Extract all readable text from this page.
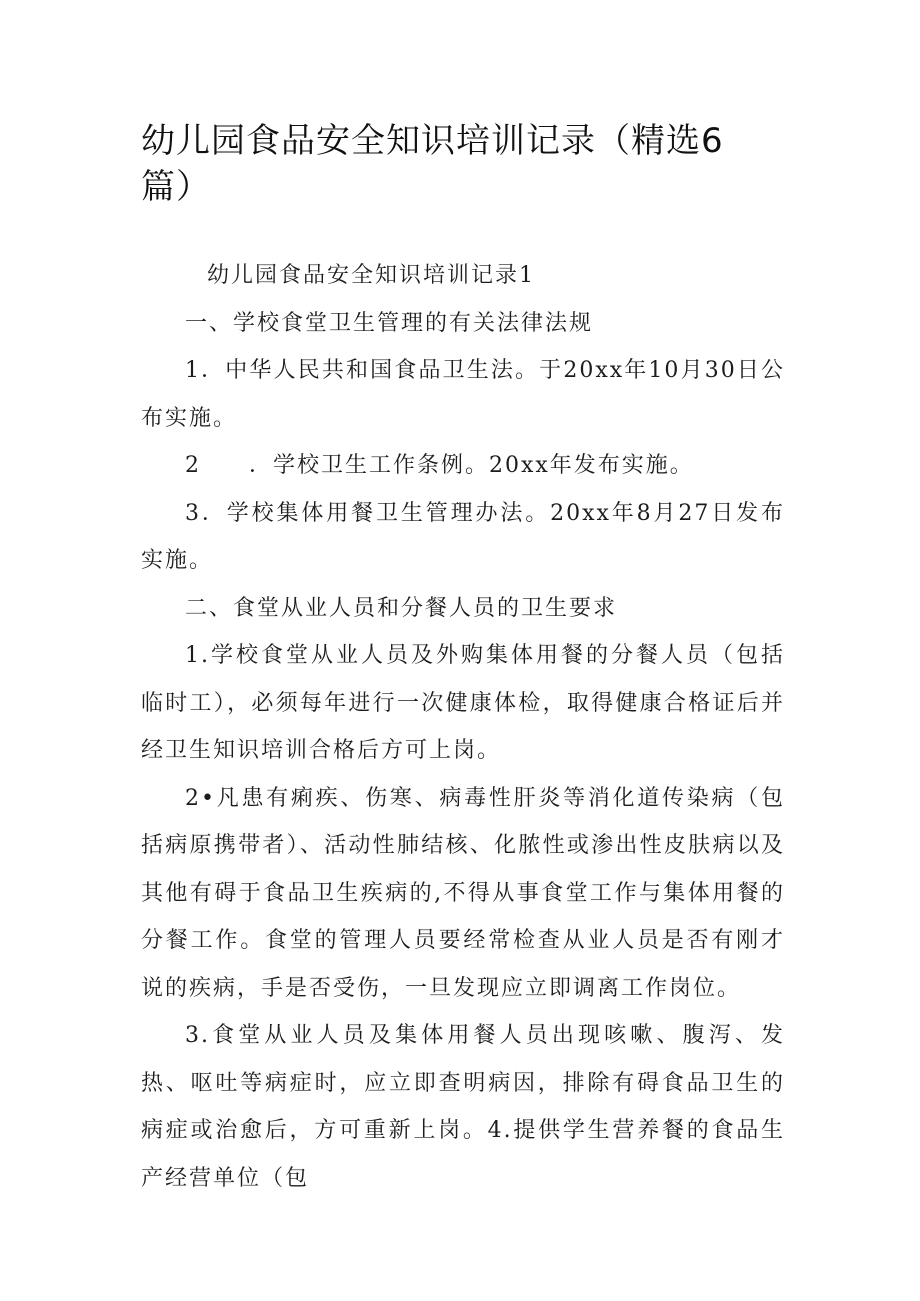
幼儿园食品安全知识培训记录（精选6篇）

幼儿园食品安全知识培训记录1

一、学校食堂卫生管理的有关法律法规

1．中华人民共和国食品卫生法。于20xx年10月30日公布实施。

2　　．学校卫生工作条例。20xx年发布实施。

3．学校集体用餐卫生管理办法。20xx年8月27日发布实施。

二、食堂从业人员和分餐人员的卫生要求

1.学校食堂从业人员及外购集体用餐的分餐人员（包括临时工），必须每年进行一次健康体检，取得健康合格证后并经卫生知识培训合格后方可上岗。

2•凡患有痢疾、伤寒、病毒性肝炎等消化道传染病（包括病原携带者）、活动性肺结核、化脓性或渗出性皮肤病以及其他有碍于食品卫生疾病的,不得从事食堂工作与集体用餐的分餐工作。食堂的管理人员要经常检查从业人员是否有刚才说的疾病，手是否受伤，一旦发现应立即调离工作岗位。

3.食堂从业人员及集体用餐人员出现咳嗽、腹泻、发热、呕吐等病症时，应立即查明病因，排除有碍食品卫生的病症或治愈后，方可重新上岗。4.提供学生营养餐的食品生产经营单位（包
